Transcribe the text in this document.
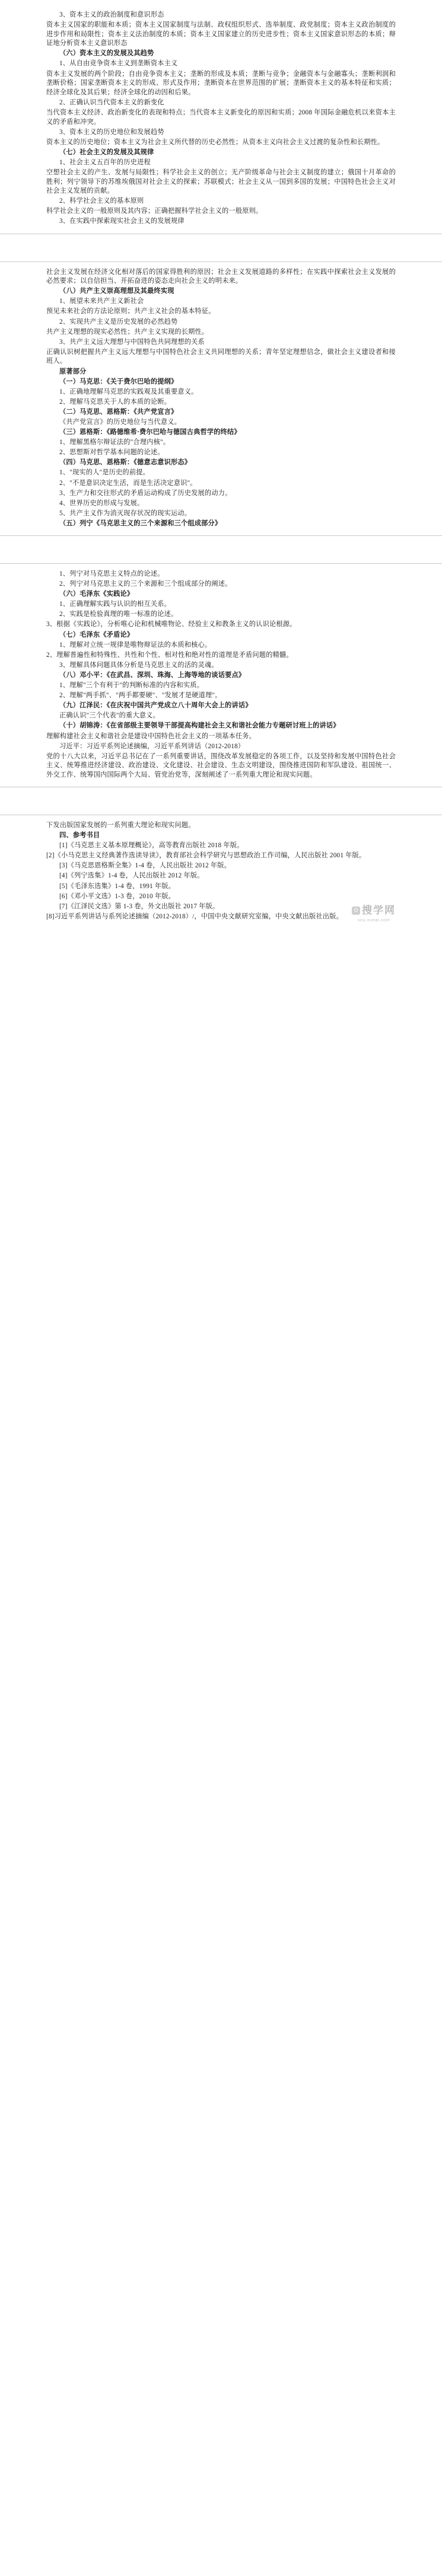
3、资本主义的政治制度和意识形态

资本主义国家的职能和本质；资本主义国家制度与法制、政权组织形式、选举制度、政党制度；资本主义政治制度的进步作用和局限性；资本主义法治制度的本质；资本主义国家建立的历史进步性；资本主义国家意识形态的本质；辩证地分析资本主义意识形态

（六）资本主义的发展及其趋势

1、从自由竞争资本主义到垄断资本主义

资本主义发展的两个阶段；自由竞争资本主义；垄断的形成及本质；垄断与竞争；金融资本与金融寡头；垄断利润和垄断价格；国家垄断资本主义的形成、形式及作用；垄断资本在世界范围的扩展；垄断资本主义的基本特征和实质；经济全球化及其后果；经济全球化的动因和后果。

2、正确认识当代资本主义的新变化

当代资本主义经济、政治新变化的表现和特点；当代资本主义新变化的原因和实质；2008 年国际金融危机以来资本主义的矛盾和冲突。

3、资本主义的历史地位和发展趋势

资本主义的历史地位；资本主义为社会主义所代替的历史必然性；从资本主义向社会主义过渡的复杂性和长期性。

（七）社会主义的发展及其规律

1、社会主义五百年的历史进程

空想社会主义的产生、发展与局限性；科学社会主义的创立；无产阶级革命与社会主义制度的建立；俄国十月革命的胜利；列宁领导下的苏维埃俄国对社会主义的探索；苏联模式；社会主义从一国到多国的发展；中国特色社会主义对社会主义发展的贡献。

2、科学社会主义的基本原则

科学社会主义的一般原则及其内容；正确把握科学社会主义的一般原则。

3、在实践中探索现实社会主义的发展规律

社会主义发展在经济文化相对落后的国家得胜利的原因；社会主义发展道路的多样性；在实践中探索社会主义发展的必然要求；以自信担当、开拓奋进的姿态走向社会主义的明未来。

（八）共产主义崇高理想及其最终实现

1、展望未来共产主义新社会

预见未来社会的方法论原则；共产主义社会的基本特征。

2、实现共产主义是历史发展的必然趋势

共产主义理想的现实必然性；共产主义实现的长期性。

3、共产主义远大理想与中国特色共同理想的关系

正确认识树把握共产主义远大理想与中国特色社会主义共同理想的关系；青年坚定理想信念，做社会主义建设者和接班人。

原著部分

（一）马克思：《关于费尔巴哈的提纲》

1、正确地理解马克思的实践观及其重要意义。

2、理解马克思关于人的本质的论断。

（二）马克思、恩格斯：《共产党宣言》

《共产党宣言》的历史地位与当代意义。

（三）恩格斯：《路德维希·费尔巴哈与德国古典哲学的终结》

1、理解黑格尔辩证法的"合理内核"。

2、思想斯对哲学基本问题的论述。

（四）马克思、恩格斯：《德意志意识形态》

1、"现实的人"是历史的前提。

2、"不是意识决定生活，而是生活决定意识"。

3、生产力和交往形式的矛盾运动构成了历史发展的动力。

4、世界历史的形成与发展。

5、共产主义作为消灭现存状况的现实运动。

（五）列宁《马克思主义的三个来源和三个组成部分》

1、列宁对马克思主义特点的论述。

2、列宁对马克思主义的三个来源和三个组成部分的阐述。

（六）毛泽东《实践论》

1、正确理解实践与认识的相互关系。

2、实践是检验真理的唯一标准的论述。

3、根据《实践论》，分析唯心论和机械唯物论、经验主义和教条主义的认识论根源。

（七）毛泽东《矛盾论》

1、理解对立统一规律是唯物辩证法的本质和核心。

2、理解普遍性和特殊性、共性和个性、相对性和绝对性的道理是矛盾问题的精髓。

3、理解具体问题具体分析是马克思主义的活的灵魂。

（八）邓小平：《在武昌、深圳、珠海、上海等地的谈话要点》

1、理解"三个有利于"的判断标准的内容和实质。

2、理解"两手抓"、"两手都要硬"、"发展才是硬道理"。

（九）江泽民：《在庆祝中国共产党成立八十周年大会上的讲话》

正确认识"三个代表"的重大意义。

（十）胡锦涛：《在省部级主要领导干部提高构建社会主义和谐社会能力专题研讨班上的讲话》

理解构建社会主义和谐社会是建设中国特色社会主义的一项基本任务。

习近平：习近平系列论述摘编，习近平系列讲话（2012-2018）

党的十八大以来，习近平总书记在了一系列重要讲话，围绕改革发展稳定的各项工作，以及坚持和发展中国特色社会主义、统筹推进经济建设、政治建设、文化建设、社会建设、生态文明建设，围绕推进国防和军队建设、祖国统一、外交工作、统筹国内国际两个大局、管党治党等，深刻阐述了一系列重大理论和现实问题。

下发出版国家发展的一系列重大理论和现实问题。

四、参考书目

[1]《马克思主义基本原理概论》，高等教育出版社 2018 年版。

[2]《小马克思主义经典著作选读导读》，教育部社会科学研究与思想政治工作司编，人民出版社 2001 年版。

[3]《马克思恩格斯全集》1-4 卷，人民出版社 2012 年版。

[4]《列宁选集》1-4 卷，人民出版社 2012 年版。

[5]《毛泽东选集》1-4 卷，1991 年版。

[6]《邓小平文选》1-3 卷，2010 年版。

[7]《江泽民文选》第 1-3 卷，外文出版社 2017 年版。

[8]习近平系列讲话与系列论述摘编（2012-2018）/，中国中央文献研究室编，中央文献出版社出版。

搜学网
sou.xueai.com
